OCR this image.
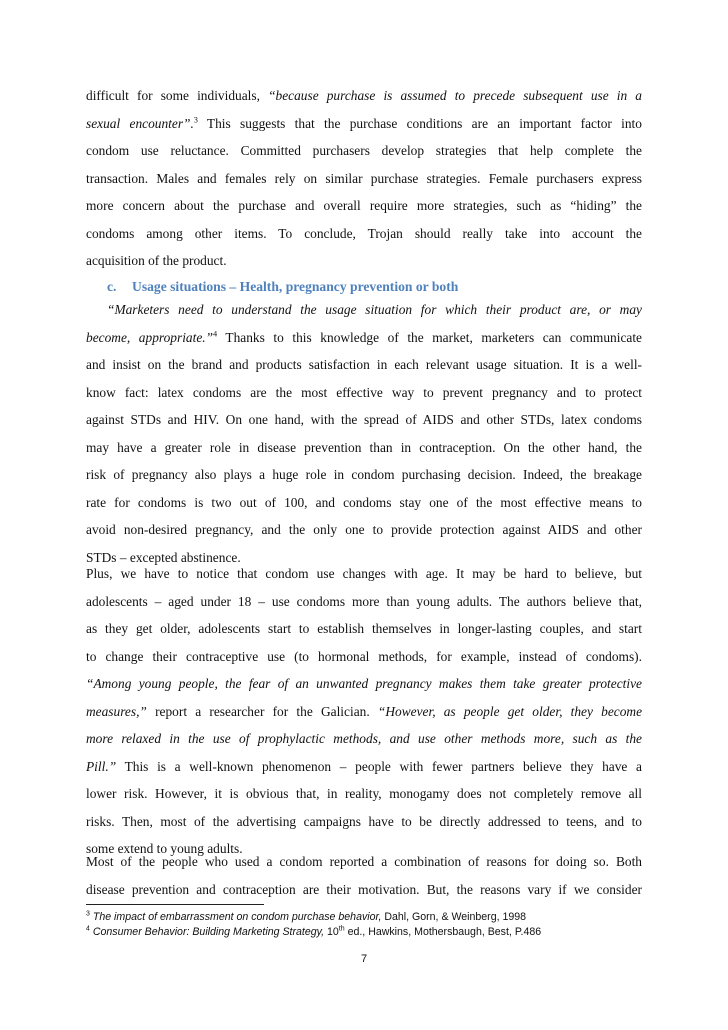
difficult for some individuals, “because purchase is assumed to precede subsequent use in a
sexual encounter”.$^3$ This suggests that the purchase conditions are an important factor into
condom use reluctance. Committed purchasers develop strategies that help complete the
transaction. Males and females rely on similar purchase strategies. Female purchasers express
more concern about the purchase and overall require more strategies, such as “hiding” the
condoms among other items. To conclude, Trojan should really take into account the
acquisition of the product.

c. Usage situations – Health, pregnancy prevention or both

“Marketers need to understand the usage situation for which their product are, or may
become, appropriate.”$^4$ Thanks to this knowledge of the market, marketers can communicate
and insist on the brand and products satisfaction in each relevant usage situation. It is a well-
know fact: latex condoms are the most effective way to prevent pregnancy and to protect
against STDs and HIV. On one hand, with the spread of AIDS and other STDs, latex condoms
may have a greater role in disease prevention than in contraception. On the other hand, the
risk of pregnancy also plays a huge role in condom purchasing decision. Indeed, the breakage
rate for condoms is two out of 100, and condoms stay one of the most effective means to
avoid non-desired pregnancy, and the only one to provide protection against AIDS and other
STDs – excepted abstinence.

Plus, we have to notice that condom use changes with age. It may be hard to believe, but
adolescents – aged under 18 – use condoms more than young adults. The authors believe that,
as they get older, adolescents start to establish themselves in longer-lasting couples, and start
to change their contraceptive use (to hormonal methods, for example, instead of condoms).
“Among young people, the fear of an unwanted pregnancy makes them take greater protective
measures,” report a researcher for the Galician. “However, as people get older, they become
more relaxed in the use of prophylactic methods, and use other methods more, such as the
Pill.” This is a well-known phenomenon – people with fewer partners believe they have a
lower risk. However, it is obvious that, in reality, monogamy does not completely remove all
risks. Then, most of the advertising campaigns have to be directly addressed to teens, and to
some extend to young adults.

Most of the people who used a condom reported a combination of reasons for doing so. Both
disease prevention and contraception are their motivation. But, the reasons vary if we consider

$^3$ The impact of embarrassment on condom purchase behavior, Dahl, Gorn, & Weinberg, 1998

$^4$ Consumer Behavior: Building Marketing Strategy, 10th ed., Hawkins, Mothersbaugh, Best, P.486

7
